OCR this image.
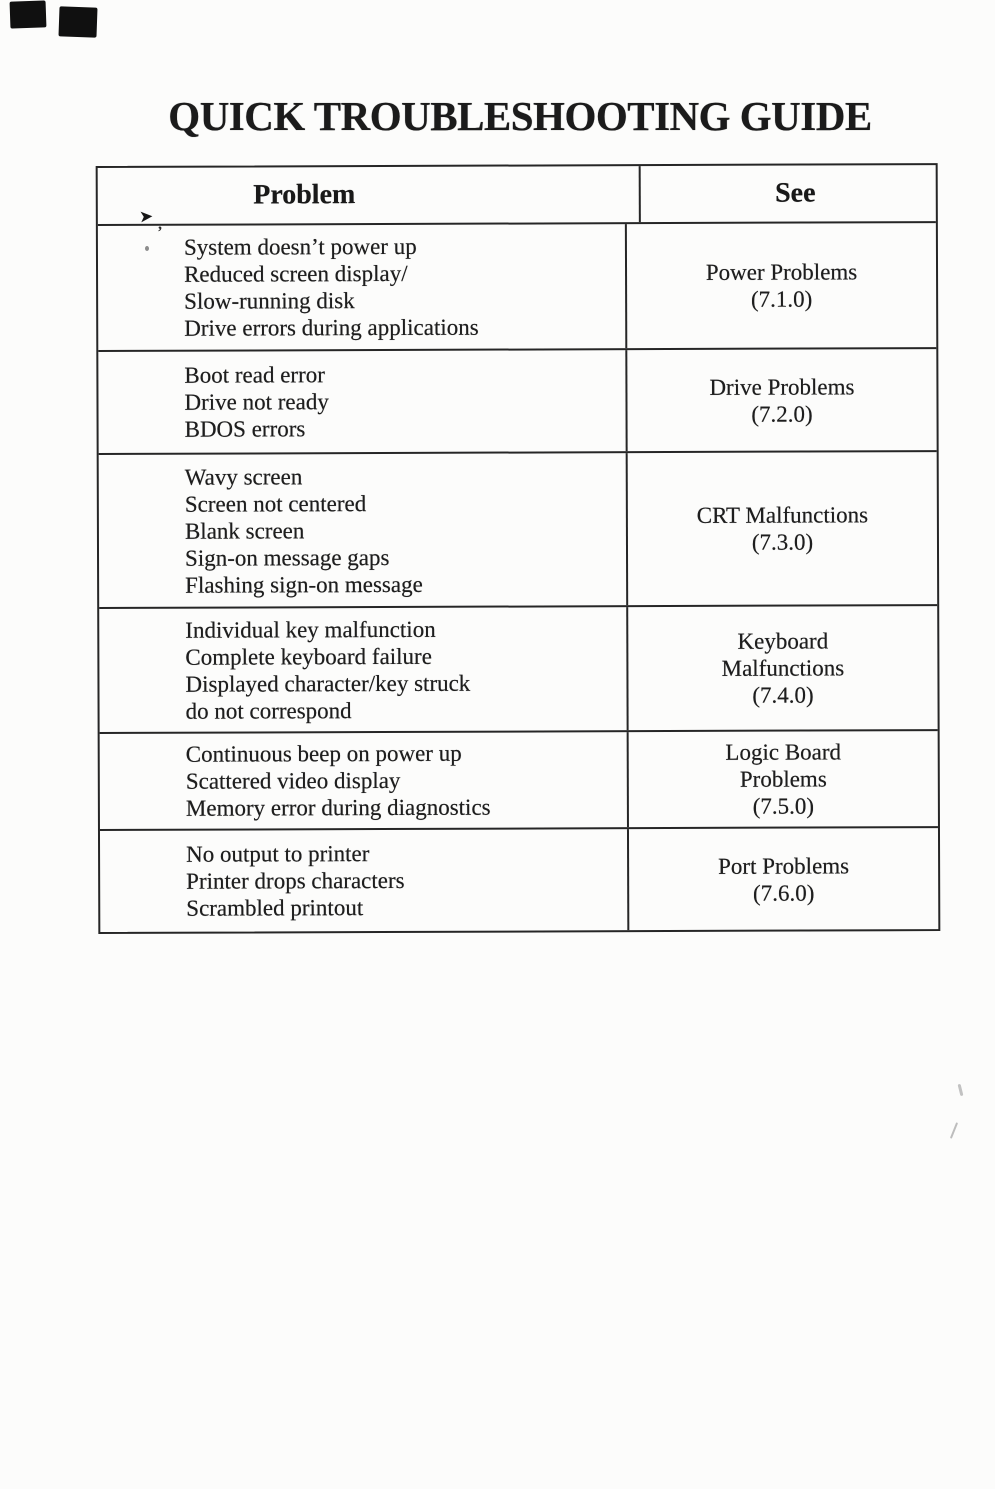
QUICK TROUBLESHOOTING GUIDE
Problem	See
System doesn’t power up
Reduced screen display/
Slow-running disk
Drive errors during applications
Power Problems
(7.1.0)
Boot read error
Drive not ready
BDOS errors
Drive Problems
(7.2.0)
Wavy screen
Screen not centered
Blank screen
Sign-on message gaps
Flashing sign-on message
CRT Malfunctions
(7.3.0)
Individual key malfunction
Complete keyboard failure
Displayed character/key struck
do not correspond
Keyboard
Malfunctions
(7.4.0)
Continuous beep on power up
Scattered video display
Memory error during diagnostics
Logic Board
Problems
(7.5.0)
No output to printer
Printer drops characters
Scrambled printout
Port Problems
(7.6.0)
➤ ,
